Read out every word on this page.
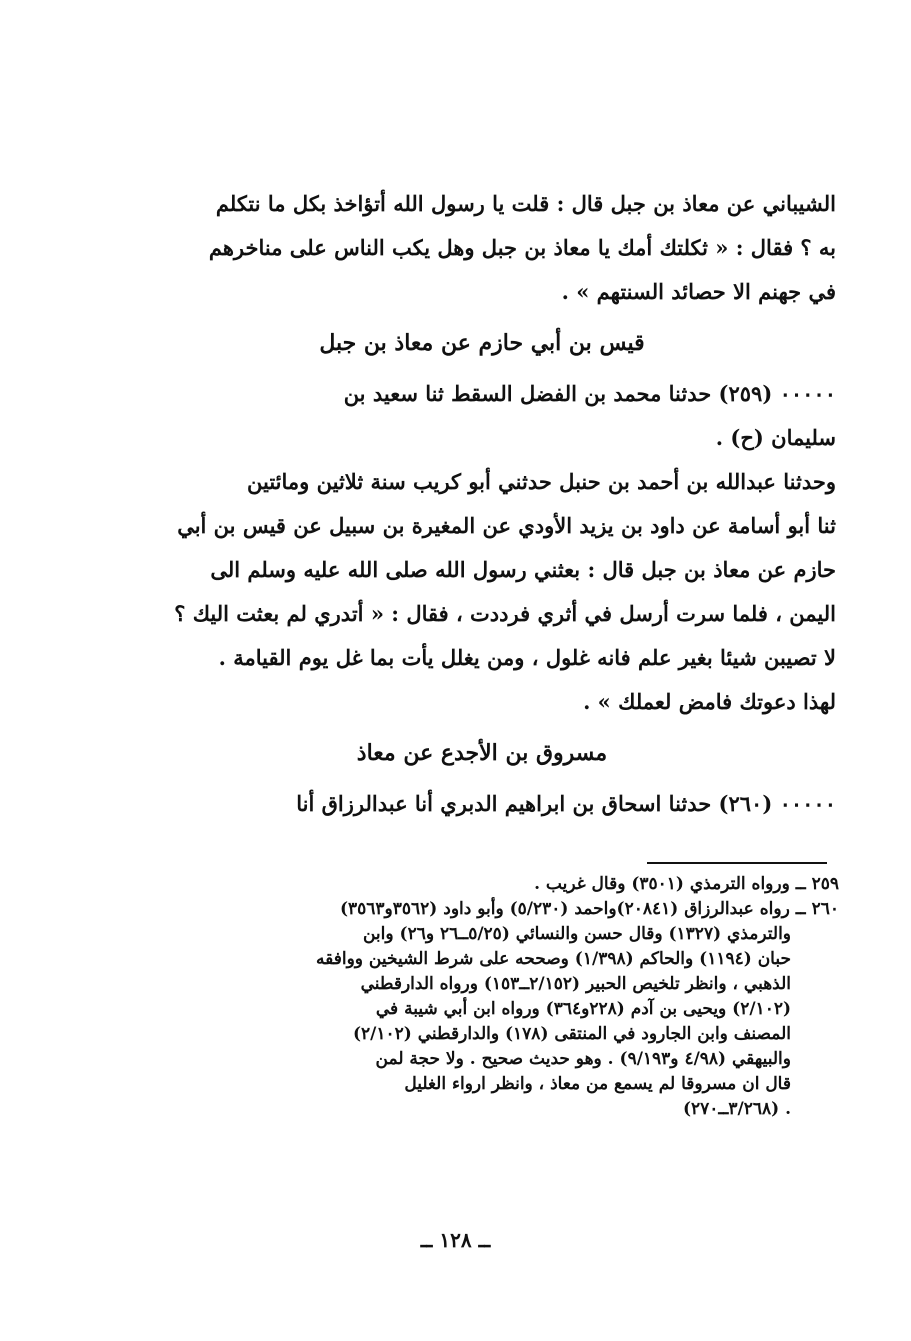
الشيباني عن معاذ بن جبل قال : قلت يا رسول الله أتؤاخذ بكل ما نتكلم
به ؟ فقال : « ثكلتك أمك يا معاذ بن جبل وهل يكب الناس على مناخرهم
في جهنم الا حصائد السنتهم » .
قيس بن أبي حازم عن معاذ بن جبل
٠٠٠٠٠ (٢٥٩) حدثنا محمد بن الفضل السقط ثنا سعيد بن
سليمان (ح) .
وحدثنا عبدالله بن أحمد بن حنبل حدثني أبو كريب سنة ثلاثين ومائتين
ثنا أبو أسامة عن داود بن يزيد الأودي عن المغيرة بن سبيل عن قيس بن أبي
حازم عن معاذ بن جبل قال : بعثني رسول الله صلى الله عليه وسلم الى
اليمن ، فلما سرت أرسل في أثري فرددت ، فقال : « أتدري لم بعثت اليك ؟
لا تصيبن شيئا بغير علم فانه غلول ، ومن يغلل يأت بما غل يوم القيامة .
لهذا دعوتك فامض لعملك » .
مسروق بن الأجدع عن معاذ
٠٠٠٠٠ (٢٦٠) حدثنا اسحاق بن ابراهيم الدبري أنا عبدالرزاق أنا
٢٥٩ ــ ورواه الترمذي (٣٥٠١) وقال غريب .
٢٦٠ ــ رواه عبدالرزاق (٢٠٨٤١)واحمد (٥/٢٣٠) وأبو داود (٣٥٦٢و٣٥٦٣)
والترمذي (١٣٢٧) وقال حسن والنسائي (٥/٢٥ــ٢٦ و٢٦) وابن
حبان (١١٩٤) والحاكم (١/٣٩٨) وصححه على شرط الشيخين ووافقه
الذهبي ، وانظر تلخيص الحبير (٢/١٥٢ــ١٥٣) ورواه الدارقطني
(٢/١٠٢) ويحيى بن آدم (٢٢٨و٣٦٤) ورواه ابن أبي شيبة في
المصنف وابن الجارود في المنتقى (١٧٨) والدارقطني (٢/١٠٢)
والبيهقي (٤/٩٨ و٩/١٩٣) . وهو حديث صحيح . ولا حجة لمن
قال ان مسروقا لم يسمع من معاذ ، وانظر ارواء الغليل
. (٣/٢٦٨ــ٢٧٠)
ــ ١٢٨ ــ
